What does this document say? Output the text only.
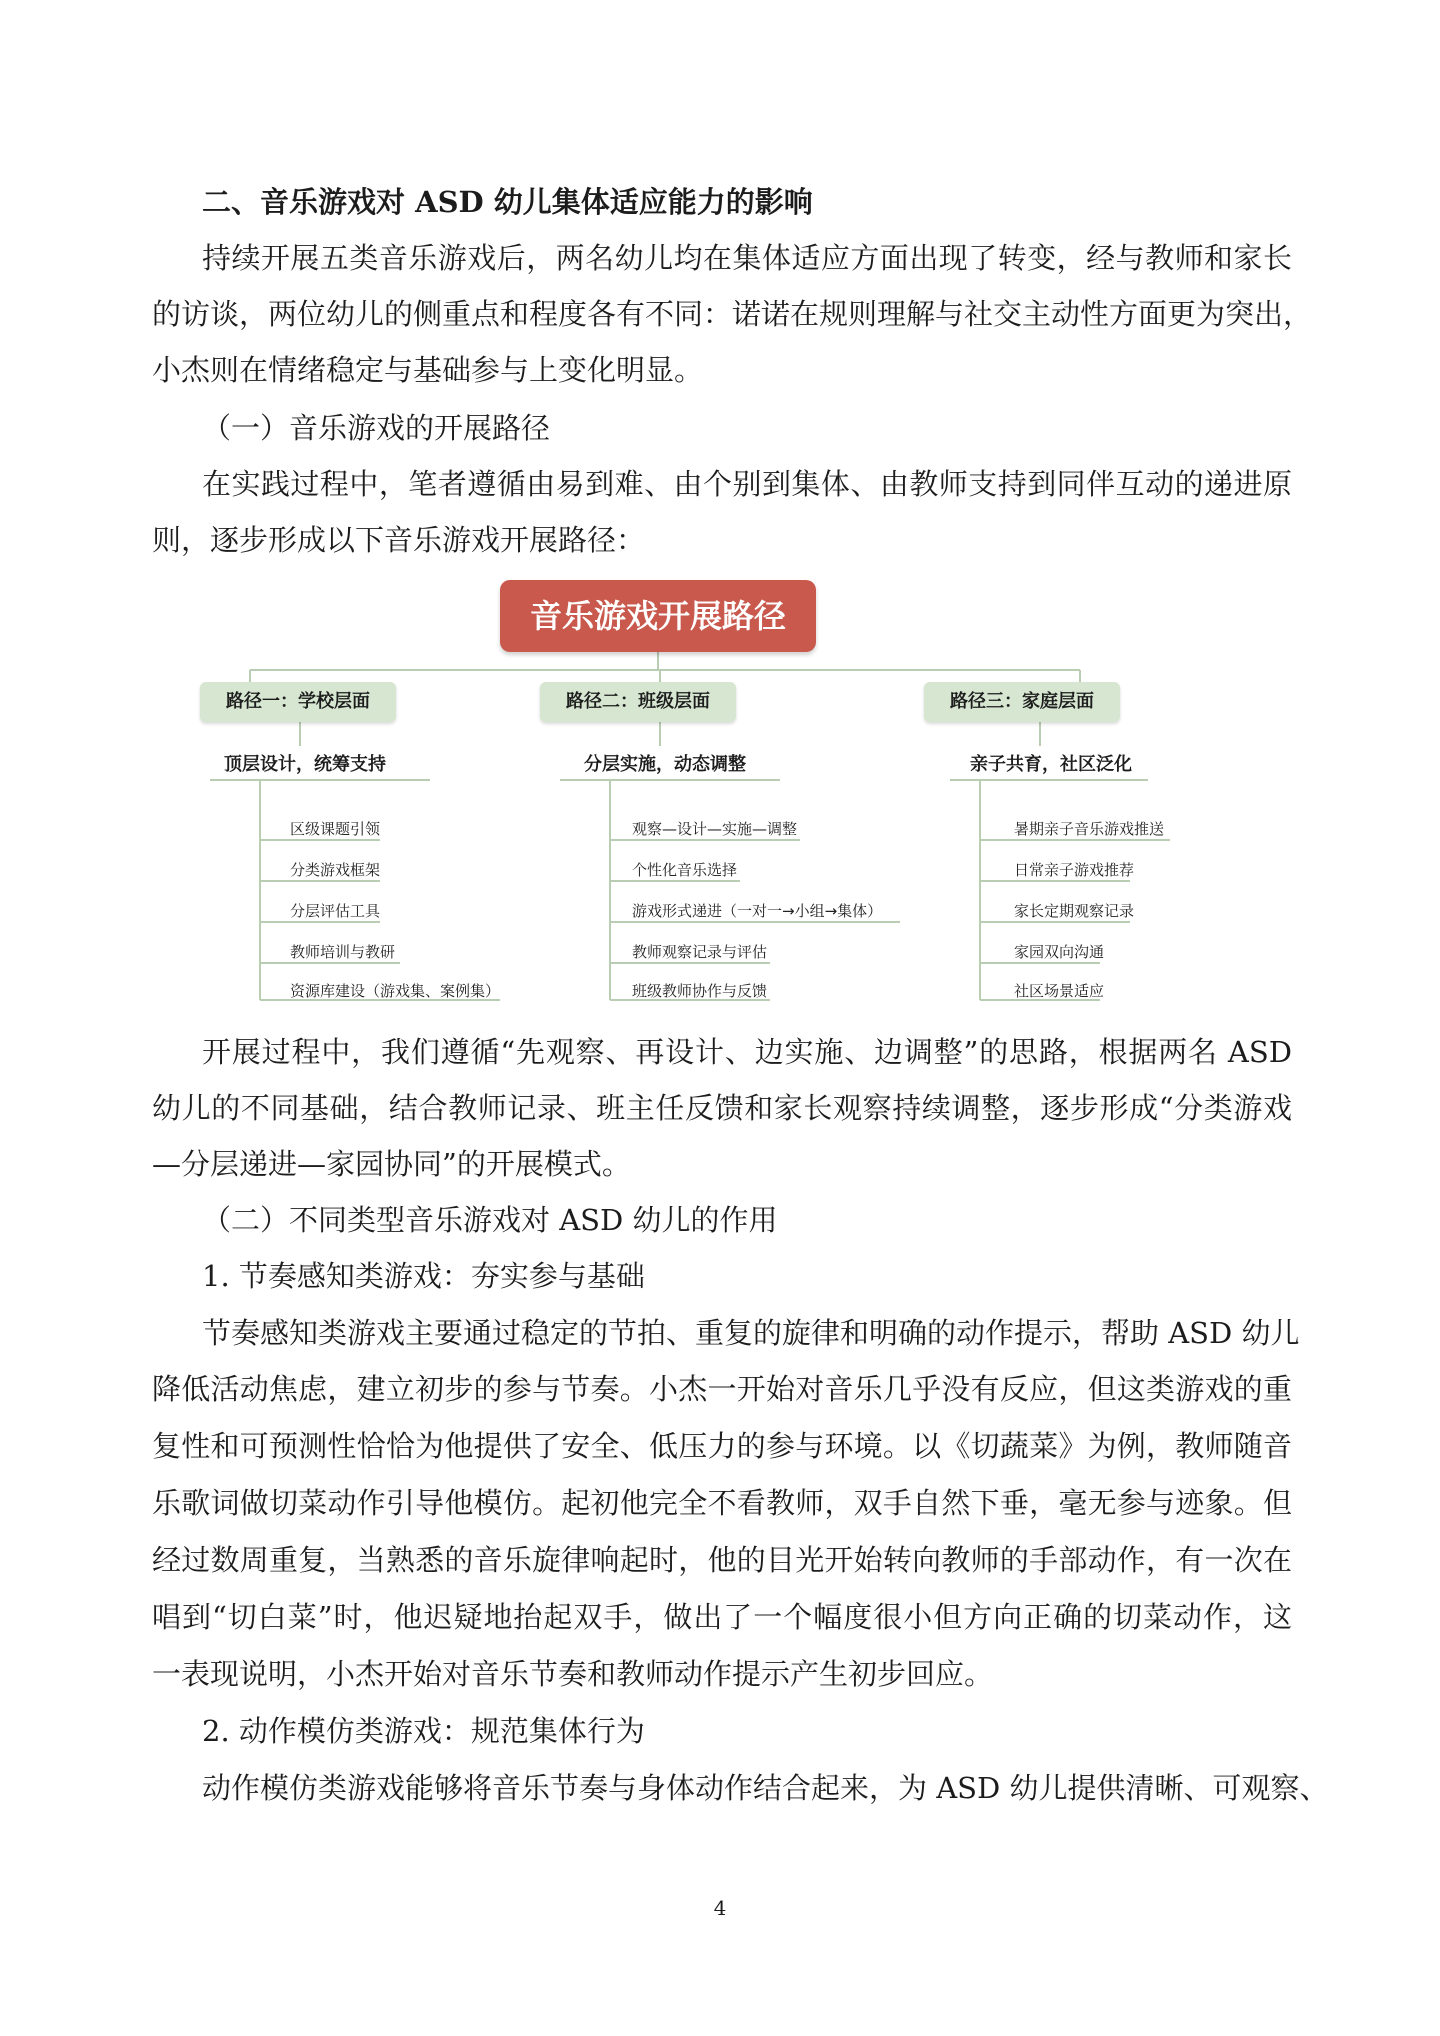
二、音乐游戏对 ASD 幼儿集体适应能力的影响
持续开展五类音乐游戏后，两名幼儿均在集体适应方面出现了转变，经与教师和家长
的访谈，两位幼儿的侧重点和程度各有不同：诺诺在规则理解与社交主动性方面更为突出，
小杰则在情绪稳定与基础参与上变化明显。
（一）音乐游戏的开展路径
在实践过程中，笔者遵循由易到难、由个别到集体、由教师支持到同伴互动的递进原
则，逐步形成以下音乐游戏开展路径：
音乐游戏开展路径
路径一：学校层面	路径二：班级层面	路径三：家庭层面
顶层设计，统筹支持	分层实施，动态调整	亲子共育，社区泛化
区级课题引领
分类游戏框架
分层评估工具
教师培训与教研
资源库建设（游戏集、案例集）
观察—设计—实施—调整
个性化音乐选择
游戏形式递进（一对一→小组→集体）
教师观察记录与评估
班级教师协作与反馈
暑期亲子音乐游戏推送
日常亲子游戏推荐
家长定期观察记录
家园双向沟通
社区场景适应
开展过程中，我们遵循“先观察、再设计、边实施、边调整”的思路，根据两名 ASD
幼儿的不同基础，结合教师记录、班主任反馈和家长观察持续调整，逐步形成“分类游戏
—分层递进—家园协同”的开展模式。
（二）不同类型音乐游戏对 ASD 幼儿的作用
1. 节奏感知类游戏：夯实参与基础
节奏感知类游戏主要通过稳定的节拍、重复的旋律和明确的动作提示，帮助 ASD 幼儿
降低活动焦虑，建立初步的参与节奏。小杰一开始对音乐几乎没有反应，但这类游戏的重
复性和可预测性恰恰为他提供了安全、低压力的参与环境。以《切蔬菜》为例，教师随音
乐歌词做切菜动作引导他模仿。起初他完全不看教师，双手自然下垂，毫无参与迹象。但
经过数周重复，当熟悉的音乐旋律响起时，他的目光开始转向教师的手部动作，有一次在
唱到“切白菜”时，他迟疑地抬起双手，做出了一个幅度很小但方向正确的切菜动作，这
一表现说明，小杰开始对音乐节奏和教师动作提示产生初步回应。
2. 动作模仿类游戏：规范集体行为
动作模仿类游戏能够将音乐节奏与身体动作结合起来，为 ASD 幼儿提供清晰、可观察、
4
